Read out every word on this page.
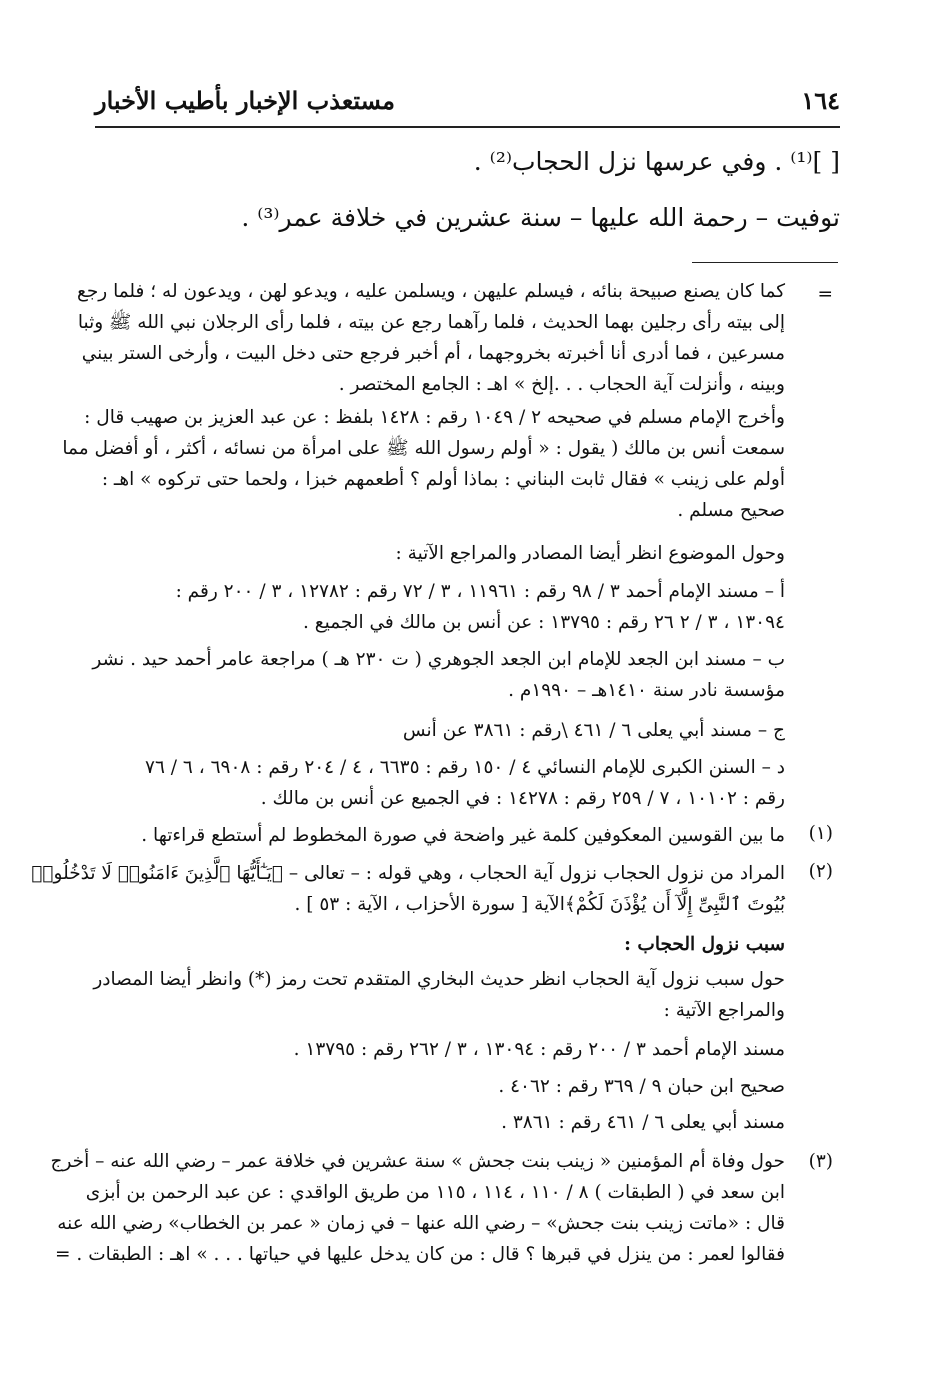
١٦٤
مستعذب الإخبار بأطيب الأخبار
[ ]⁽¹⁾ . وفي عرسها نزل الحجاب⁽²⁾ .
توفيت – رحمة الله عليها – سنة عشرين في خلافة عمر⁽³⁾ .
=
كما كان يصنع صبيحة بنائه ، فيسلم عليهن ، ويسلمن عليه ، ويدعو لهن ، ويدعون له ؛ فلما رجع
إلى بيته رأى رجلين بهما الحديث ، فلما رآهما رجع عن بيته ، فلما رأى الرجلان نبي الله ﷺ وثبا
مسرعين ، فما أدرى أنا أخبرته بخروجهما ، أم أخبر فرجع حتى دخل البيت ، وأرخى الستر بيني
وبينه ، وأنزلت آية الحجاب . . .إلخ » اهـ : الجامع المختصر .
وأخرج الإمام مسلم في صحيحه ٢ / ١٠٤٩ رقم : ١٤٢٨ بلفظ : عن عبد العزيز بن صهيب قال :
سمعت أنس بن مالك ( يقول : « أولم رسول الله ﷺ على امرأة من نسائه ، أكثر ، أو أفضل مما
أولم على زينب » فقال ثابت البناني : بماذا أولم ؟ أطعمهم خبزا ، ولحما حتى تركوه » اهـ :
صحيح مسلم .
وحول الموضوع انظر أيضا المصادر والمراجع الآتية :
أ – مسند الإمام أحمد ٣ / ٩٨ رقم : ١١٩٦١ ، ٣ / ٧٢ رقم : ١٢٧٨٢ ، ٣ / ٢٠٠ رقم :
١٣٠٩٤ ، ٣ / ٢ ٢٦ رقم : ١٣٧٩٥ : عن أنس بن مالك في الجميع .
ب – مسند ابن الجعد للإمام ابن الجعد الجوهري ( ت ٢٣٠ هـ ) مراجعة عامر أحمد حيد . نشر
مؤسسة نادر سنة ١٤١٠هـ – ١٩٩٠م .
ج – مسند أبي يعلى ٦ / ٤٦١ \رقم : ٣٨٦١ عن أنس
د – السنن الكبرى للإمام النسائي ٤ / ١٥٠ رقم : ٦٦٣٥ ، ٤ / ٢٠٤ رقم : ٦٩٠٨ ، ٦ / ٧٦
رقم : ١٠١٠٢ ، ٧ / ٢٥٩ رقم : ١٤٢٧٨ : في الجميع عن أنس بن مالك .
(١)
ما بين القوسين المعكوفين كلمة غير واضحة في صورة المخطوط لم أستطع قراءتها .
(٢)
المراد من نزول الحجاب نزول آية الحجاب ، وهي قوله : – تعالى – ﴿يَـٰٓأَيُّهَا ٱلَّذِينَ ءَامَنُوا۟ لَا تَدْخُلُوا۟
بُيُوتَ ٱلنَّبِىِّ إِلَّآ أَن يُؤْذَنَ لَكُمْ﴾الآية [ سورة الأحزاب ، الآية : ٥٣ ] .
سبب نزول الحجاب :
حول سبب نزول آية الحجاب انظر حديث البخاري المتقدم تحت رمز (*) وانظر أيضا المصادر
والمراجع الآتية :
مسند الإمام أحمد ٣ / ٢٠٠ رقم : ١٣٠٩٤ ، ٣ / ٢٦٢ رقم : ١٣٧٩٥ .
صحيح ابن حبان ٩ / ٣٦٩ رقم : ٤٠٦٢ .
مسند أبي يعلى ٦ / ٤٦١ رقم : ٣٨٦١ .
(٣)
حول وفاة أم المؤمنين « زينب بنت جحش » سنة عشرين في خلافة عمر – رضي الله عنه – أخرج
ابن سعد في ( الطبقات ) ٨ / ١١٠ ، ١١٤ ، ١١٥ من طريق الواقدي : عن عبد الرحمن بن أبزى
قال : «ماتت زينب بنت جحش» – رضي الله عنها – في زمان « عمر بن الخطاب» رضي الله عنه
فقالوا لعمر : من ينزل في قبرها ؟ قال : من كان يدخل عليها في حياتها . . . » اهـ : الطبقات . =
